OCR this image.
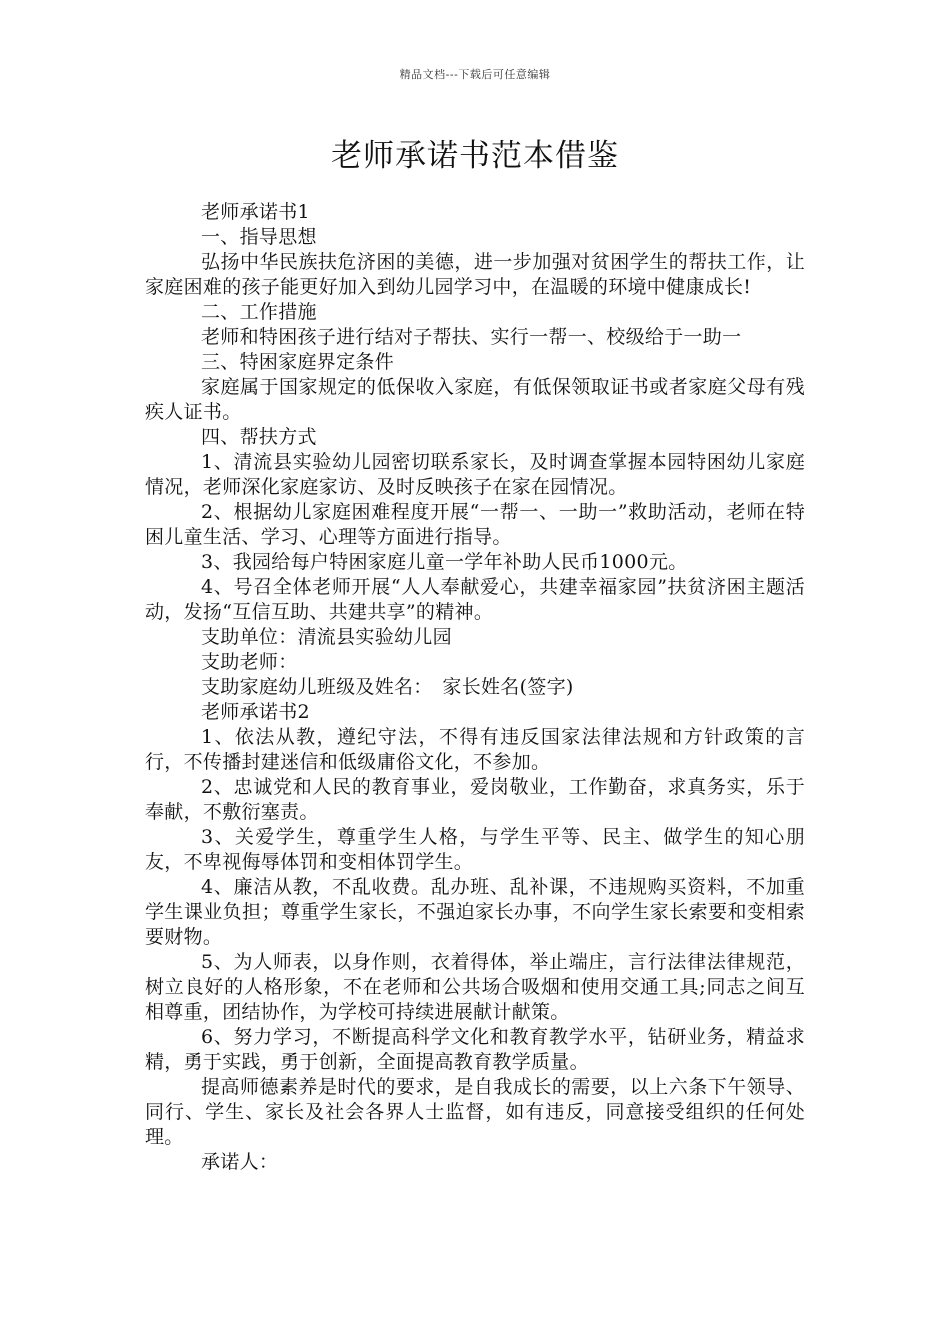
精品文档---下载后可任意编辑
老师承诺书范本借鉴

老师承诺书1

一、指导思想

弘扬中华民族扶危济困的美德，进一步加强对贫困学生的帮扶工作，让家庭困难的孩子能更好加入到幼儿园学习中，在温暖的环境中健康成长!

二、工作措施

老师和特困孩子进行结对子帮扶、实行一帮一、校级给于一助一

三、特困家庭界定条件

家庭属于国家规定的低保收入家庭，有低保领取证书或者家庭父母有残疾人证书。

四、帮扶方式

1、清流县实验幼儿园密切联系家长，及时调查掌握本园特困幼儿家庭情况，老师深化家庭家访、及时反映孩子在家在园情况。

2、根据幼儿家庭困难程度开展“一帮一、一助一”救助活动，老师在特困儿童生活、学习、心理等方面进行指导。

3、我园给每户特困家庭儿童一学年补助人民币1000元。

4、号召全体老师开展“人人奉献爱心，共建幸福家园”扶贫济困主题活动，发扬“互信互助、共建共享”的精神。

支助单位：清流县实验幼儿园

支助老师：

支助家庭幼儿班级及姓名：　家长姓名(签字)

老师承诺书2

1、依法从教，遵纪守法，不得有违反国家法律法规和方针政策的言行，不传播封建迷信和低级庸俗文化，不参加。

2、忠诚党和人民的教育事业，爱岗敬业，工作勤奋，求真务实，乐于奉献，不敷衍塞责。

3、关爱学生，尊重学生人格，与学生平等、民主、做学生的知心朋友，不卑视侮辱体罚和变相体罚学生。

4、廉洁从教，不乱收费。乱办班、乱补课，不违规购买资料，不加重学生课业负担；尊重学生家长，不强迫家长办事，不向学生家长索要和变相索要财物。

5、为人师表，以身作则，衣着得体，举止端庄，言行法律法律规范，树立良好的人格形象，不在老师和公共场合吸烟和使用交通工具;同志之间互相尊重，团结协作，为学校可持续进展献计献策。

6、努力学习，不断提高科学文化和教育教学水平，钻研业务，精益求精，勇于实践，勇于创新，全面提高教育教学质量。

提高师德素养是时代的要求，是自我成长的需要，以上六条下午领导、同行、学生、家长及社会各界人士监督，如有违反，同意接受组织的任何处理。

承诺人：
